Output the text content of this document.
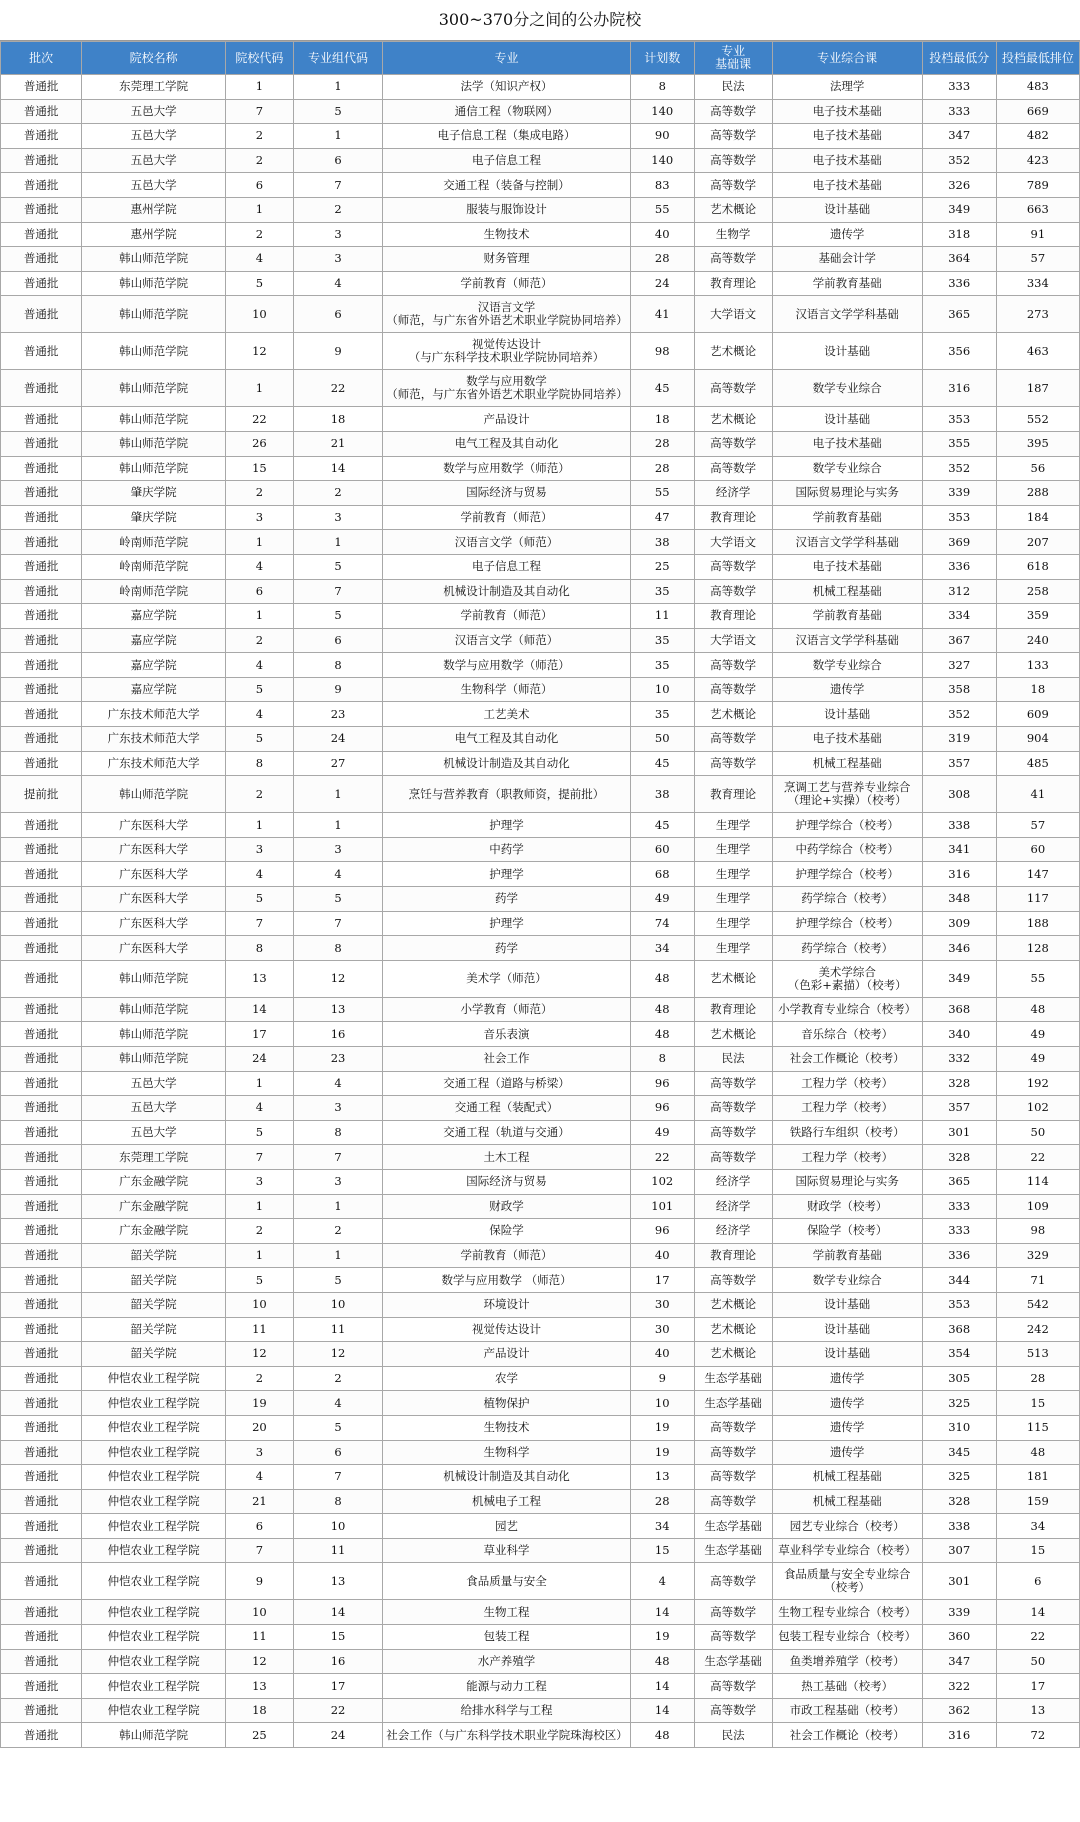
300~370分之间的公办院校
批次	院校名称	院校代码	专业组代码	专业	计划数	专业
基础课	专业综合课	投档最低分	投档最低排位
普通批	东莞理工学院	1	1	法学（知识产权）	8	民法	法理学	333	483
普通批	五邑大学	7	5	通信工程（物联网）	140	高等数学	电子技术基础	333	669
普通批	五邑大学	2	1	电子信息工程（集成电路）	90	高等数学	电子技术基础	347	482
普通批	五邑大学	2	6	电子信息工程	140	高等数学	电子技术基础	352	423
普通批	五邑大学	6	7	交通工程（装备与控制）	83	高等数学	电子技术基础	326	789
普通批	惠州学院	1	2	服装与服饰设计	55	艺术概论	设计基础	349	663
普通批	惠州学院	2	3	生物技术	40	生物学	遗传学	318	91
普通批	韩山师范学院	4	3	财务管理	28	高等数学	基础会计学	364	57
普通批	韩山师范学院	5	4	学前教育（师范）	24	教育理论	学前教育基础	336	334
普通批	韩山师范学院	10	6	汉语言文学
（师范，与广东省外语艺术职业学院协同培养）	41	大学语文	汉语言文学学科基础	365	273
普通批	韩山师范学院	12	9	视觉传达设计
（与广东科学技术职业学院协同培养）	98	艺术概论	设计基础	356	463
普通批	韩山师范学院	1	22	数学与应用数学
（师范，与广东省外语艺术职业学院协同培养）	45	高等数学	数学专业综合	316	187
普通批	韩山师范学院	22	18	产品设计	18	艺术概论	设计基础	353	552
普通批	韩山师范学院	26	21	电气工程及其自动化	28	高等数学	电子技术基础	355	395
普通批	韩山师范学院	15	14	数学与应用数学（师范）	28	高等数学	数学专业综合	352	56
普通批	肇庆学院	2	2	国际经济与贸易	55	经济学	国际贸易理论与实务	339	288
普通批	肇庆学院	3	3	学前教育（师范）	47	教育理论	学前教育基础	353	184
普通批	岭南师范学院	1	1	汉语言文学（师范）	38	大学语文	汉语言文学学科基础	369	207
普通批	岭南师范学院	4	5	电子信息工程	25	高等数学	电子技术基础	336	618
普通批	岭南师范学院	6	7	机械设计制造及其自动化	35	高等数学	机械工程基础	312	258
普通批	嘉应学院	1	5	学前教育（师范）	11	教育理论	学前教育基础	334	359
普通批	嘉应学院	2	6	汉语言文学（师范）	35	大学语文	汉语言文学学科基础	367	240
普通批	嘉应学院	4	8	数学与应用数学（师范）	35	高等数学	数学专业综合	327	133
普通批	嘉应学院	5	9	生物科学（师范）	10	高等数学	遗传学	358	18
普通批	广东技术师范大学	4	23	工艺美术	35	艺术概论	设计基础	352	609
普通批	广东技术师范大学	5	24	电气工程及其自动化	50	高等数学	电子技术基础	319	904
普通批	广东技术师范大学	8	27	机械设计制造及其自动化	45	高等数学	机械工程基础	357	485
提前批	韩山师范学院	2	1	烹饪与营养教育（职教师资，提前批）	38	教育理论	烹调工艺与营养专业综合
（理论+实操）（校考）	308	41
普通批	广东医科大学	1	1	护理学	45	生理学	护理学综合（校考）	338	57
普通批	广东医科大学	3	3	中药学	60	生理学	中药学综合（校考）	341	60
普通批	广东医科大学	4	4	护理学	68	生理学	护理学综合（校考）	316	147
普通批	广东医科大学	5	5	药学	49	生理学	药学综合（校考）	348	117
普通批	广东医科大学	7	7	护理学	74	生理学	护理学综合（校考）	309	188
普通批	广东医科大学	8	8	药学	34	生理学	药学综合（校考）	346	128
普通批	韩山师范学院	13	12	美术学（师范）	48	艺术概论	美术学综合
（色彩+素描）（校考）	349	55
普通批	韩山师范学院	14	13	小学教育（师范）	48	教育理论	小学教育专业综合（校考）	368	48
普通批	韩山师范学院	17	16	音乐表演	48	艺术概论	音乐综合（校考）	340	49
普通批	韩山师范学院	24	23	社会工作	8	民法	社会工作概论（校考）	332	49
普通批	五邑大学	1	4	交通工程（道路与桥梁）	96	高等数学	工程力学（校考）	328	192
普通批	五邑大学	4	3	交通工程（装配式）	96	高等数学	工程力学（校考）	357	102
普通批	五邑大学	5	8	交通工程（轨道与交通）	49	高等数学	铁路行车组织（校考）	301	50
普通批	东莞理工学院	7	7	土木工程	22	高等数学	工程力学（校考）	328	22
普通批	广东金融学院	3	3	国际经济与贸易	102	经济学	国际贸易理论与实务	365	114
普通批	广东金融学院	1	1	财政学	101	经济学	财政学（校考）	333	109
普通批	广东金融学院	2	2	保险学	96	经济学	保险学（校考）	333	98
普通批	韶关学院	1	1	学前教育（师范）	40	教育理论	学前教育基础	336	329
普通批	韶关学院	5	5	数学与应用数学 （师范）	17	高等数学	数学专业综合	344	71
普通批	韶关学院	10	10	环境设计	30	艺术概论	设计基础	353	542
普通批	韶关学院	11	11	视觉传达设计	30	艺术概论	设计基础	368	242
普通批	韶关学院	12	12	产品设计	40	艺术概论	设计基础	354	513
普通批	仲恺农业工程学院	2	2	农学	9	生态学基础	遗传学	305	28
普通批	仲恺农业工程学院	19	4	植物保护	10	生态学基础	遗传学	325	15
普通批	仲恺农业工程学院	20	5	生物技术	19	高等数学	遗传学	310	115
普通批	仲恺农业工程学院	3	6	生物科学	19	高等数学	遗传学	345	48
普通批	仲恺农业工程学院	4	7	机械设计制造及其自动化	13	高等数学	机械工程基础	325	181
普通批	仲恺农业工程学院	21	8	机械电子工程	28	高等数学	机械工程基础	328	159
普通批	仲恺农业工程学院	6	10	园艺	34	生态学基础	园艺专业综合（校考）	338	34
普通批	仲恺农业工程学院	7	11	草业科学	15	生态学基础	草业科学专业综合（校考）	307	15
普通批	仲恺农业工程学院	9	13	食品质量与安全	4	高等数学	食品质量与安全专业综合（校考）	301	6
普通批	仲恺农业工程学院	10	14	生物工程	14	高等数学	生物工程专业综合（校考）	339	14
普通批	仲恺农业工程学院	11	15	包装工程	19	高等数学	包装工程专业综合（校考）	360	22
普通批	仲恺农业工程学院	12	16	水产养殖学	48	生态学基础	鱼类增养殖学（校考）	347	50
普通批	仲恺农业工程学院	13	17	能源与动力工程	14	高等数学	热工基础（校考）	322	17
普通批	仲恺农业工程学院	18	22	给排水科学与工程	14	高等数学	市政工程基础（校考）	362	13
普通批	韩山师范学院	25	24	社会工作（与广东科学技术职业学院珠海校区）	48	民法	社会工作概论（校考）	316	72
